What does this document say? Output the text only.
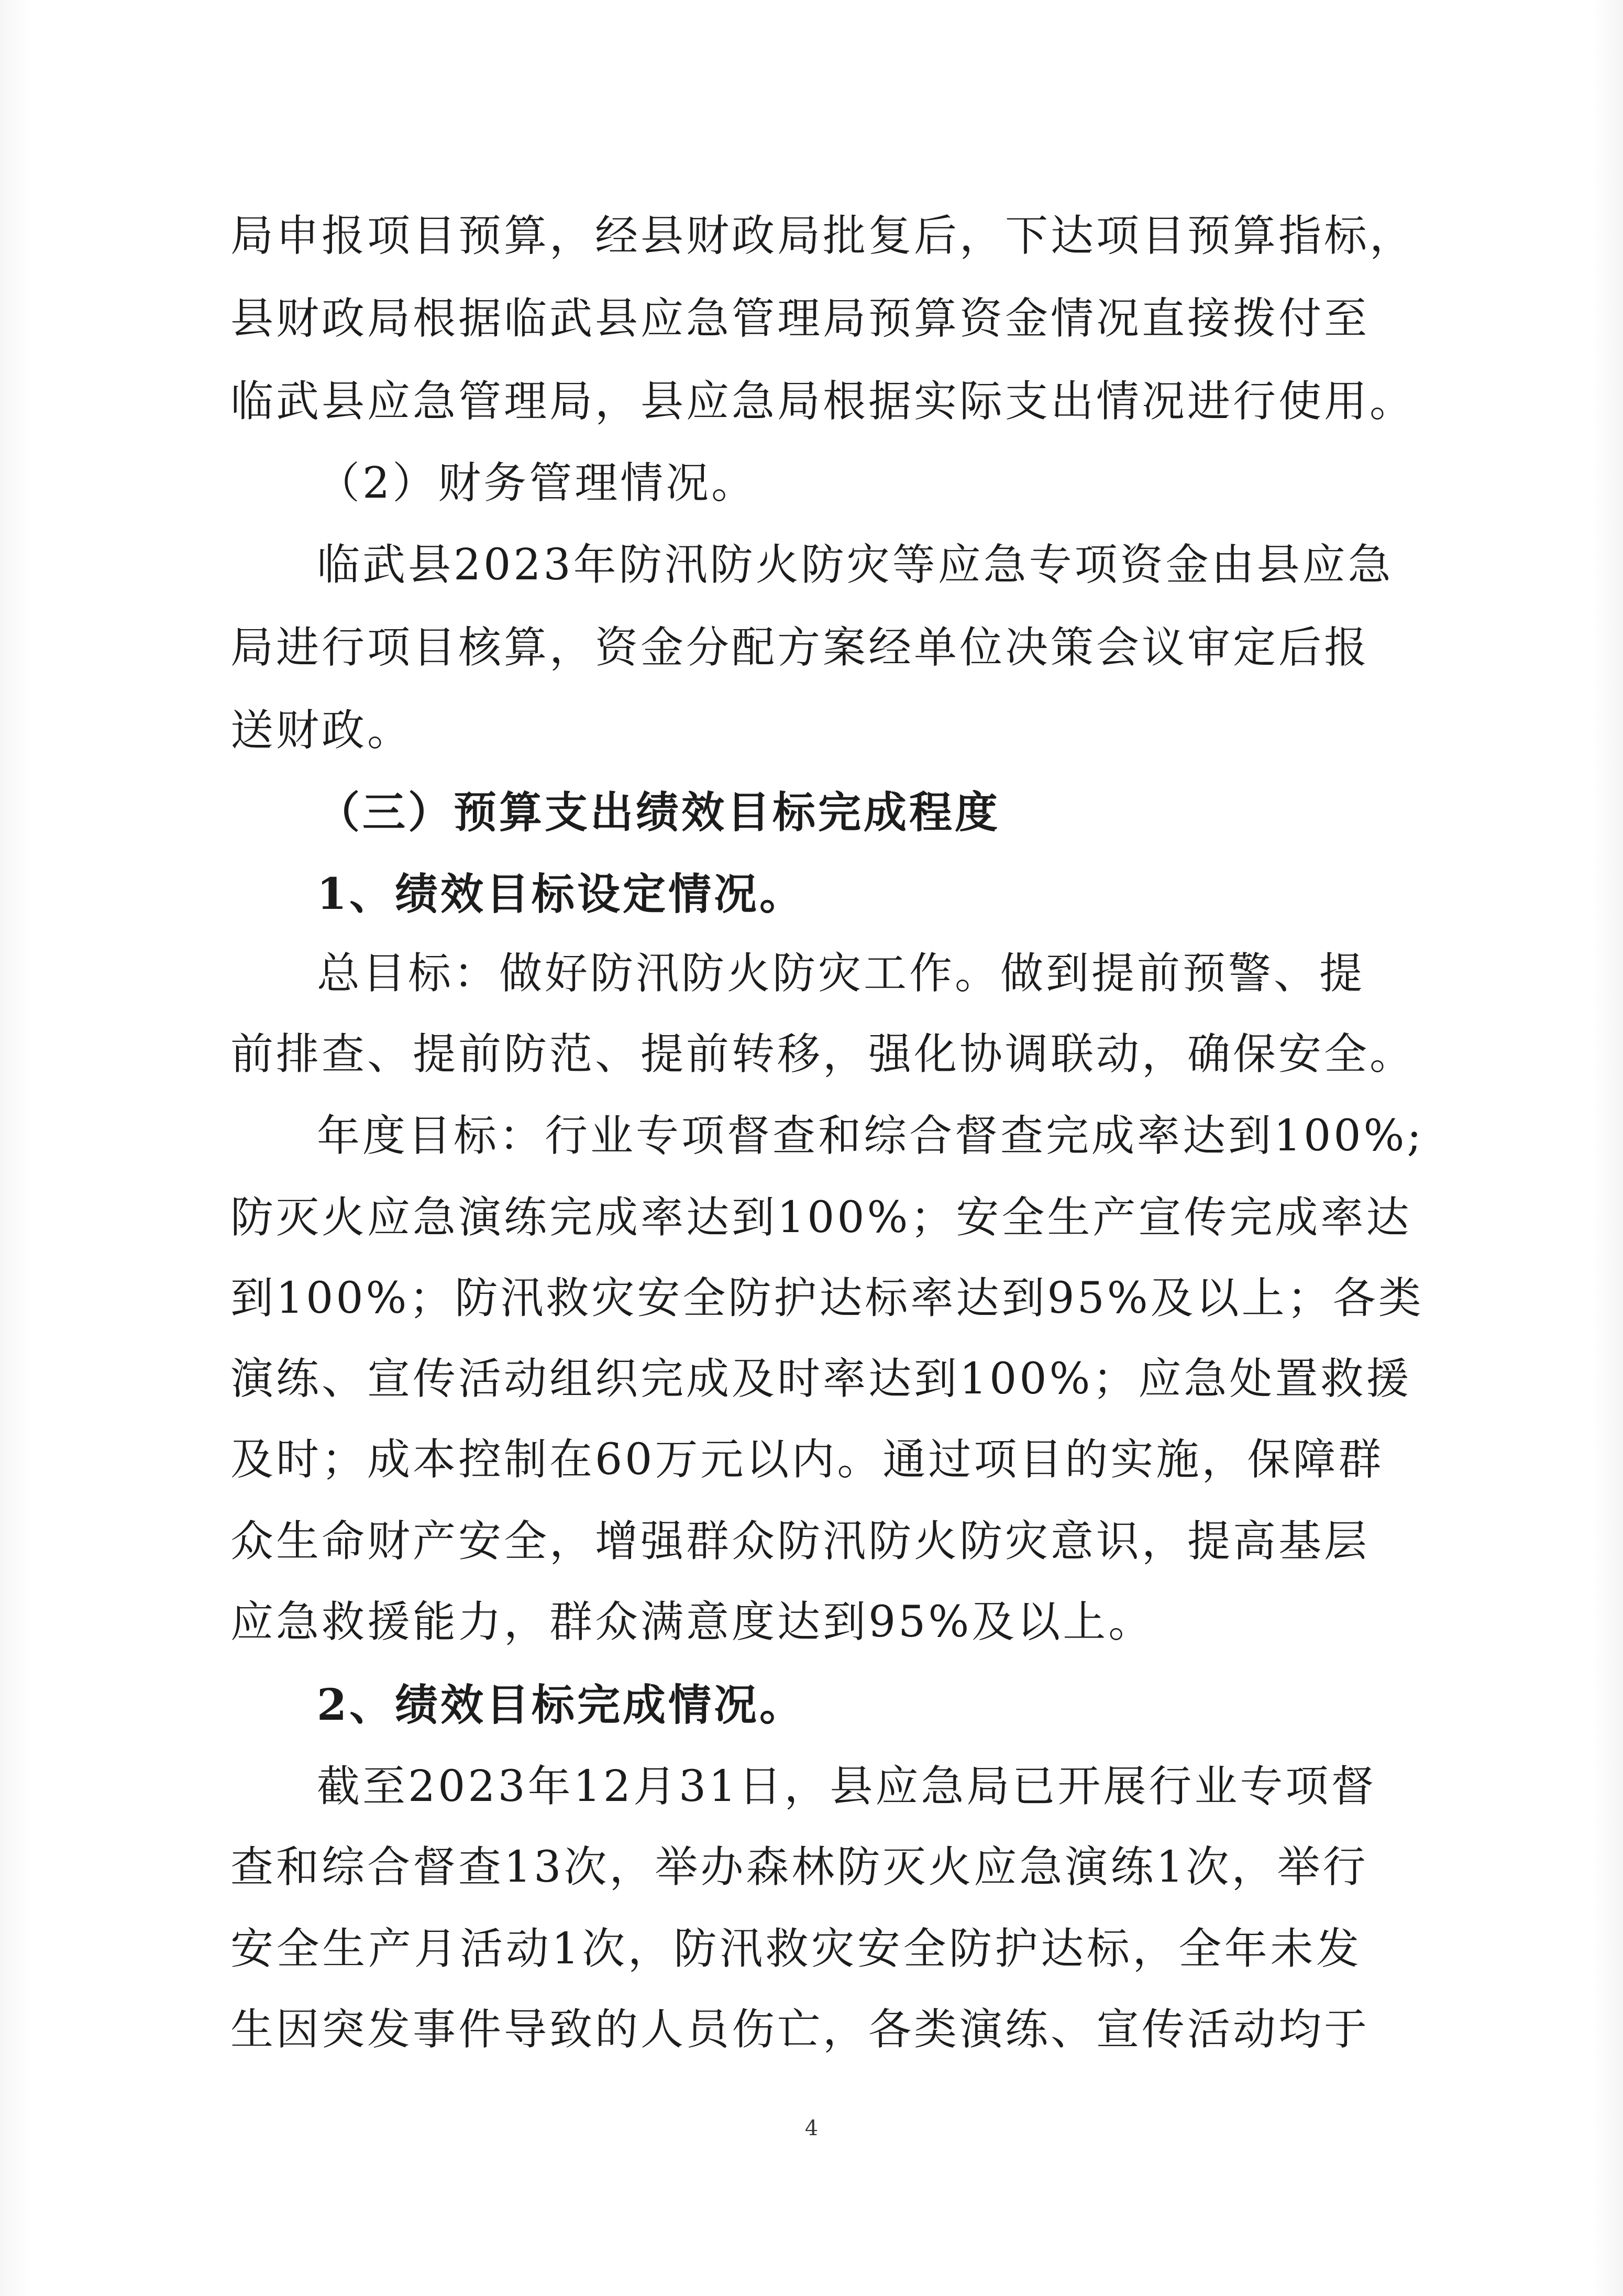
局申报项目预算，经县财政局批复后，下达项目预算指标，

县财政局根据临武县应急管理局预算资金情况直接拨付至

临武县应急管理局，县应急局根据实际支出情况进行使用。

（2）财务管理情况。

临武县2023年防汛防火防灾等应急专项资金由县应急

局进行项目核算，资金分配方案经单位决策会议审定后报

送财政。

（三）预算支出绩效目标完成程度

1、绩效目标设定情况。

总目标：做好防汛防火防灾工作。做到提前预警、提

前排查、提前防范、提前转移，强化协调联动，确保安全。

年度目标：行业专项督查和综合督查完成率达到100%;

防灭火应急演练完成率达到100%；安全生产宣传完成率达

到100%；防汛救灾安全防护达标率达到95%及以上；各类

演练、宣传活动组织完成及时率达到100%；应急处置救援

及时；成本控制在60万元以内。通过项目的实施，保障群

众生命财产安全，增强群众防汛防火防灾意识，提高基层

应急救援能力，群众满意度达到95%及以上。

2、绩效目标完成情况。

截至2023年12月31日，县应急局已开展行业专项督

查和综合督查13次，举办森林防灭火应急演练1次，举行

安全生产月活动1次，防汛救灾安全防护达标，全年未发

生因突发事件导致的人员伤亡，各类演练、宣传活动均于

4
